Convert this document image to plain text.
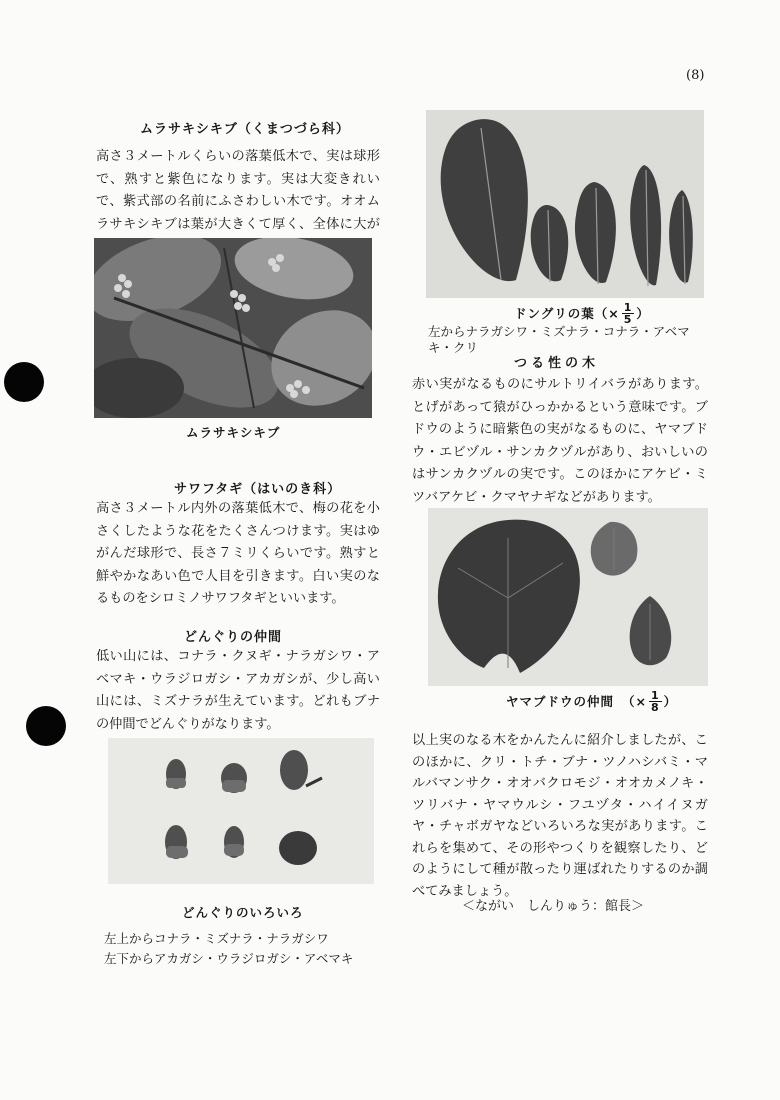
(8)
ムラサキシキブ（くまつづら科）

高さ３メートルくらいの落葉低木で、実は球形で、熟すと紫色になります。実は大変きれいで、紫式部の名前にふさわしい木です。オオムラサキシキブは葉が大きくて厚く、全体に大が

ムラサキシキブ
サワフタギ（はいのき科）

高さ３メートル内外の落葉低木で、梅の花を小さくしたような花をたくさんつけます。実はゆがんだ球形で、長さ７ミリくらいです。熟すと鮮やかなあい色で人目を引きます。白い実のなるものをシロミノサワフタギといいます。

どんぐりの仲間

低い山には、コナラ・クヌギ・ナラガシワ・アベマキ・ウラジロガシ・アカガシが、少し高い山には、ミズナラが生えています。どれもブナの仲間でどんぐりがなります。

どんぐりのいろいろ
左上からコナラ・ミズナラ・ナラガシワ
左下からアカガシ・ウラジロガシ・アベマキ
ドングリの葉（× $\frac{1}{5}$ ）

左からナラガシワ・ミズナラ・コナラ・アベマキ・クリ

つる性の木

赤い実がなるものにサルトリイバラがあります。とげがあって猿がひっかかるという意味です。ブドウのように暗紫色の実がなるものに、ヤマブドウ・エビヅル・サンカクヅルがあり、おいしいのはサンカクヅルの実です。このほかにアケビ・ミツバアケビ・クマヤナギなどがあります。

ヤマブドウの仲間 （× $\frac{1}{8}$ ）

以上実のなる木をかんたんに紹介しましたが、このほかに、クリ・トチ・ブナ・ツノハシバミ・マルバマンサク・オオバクロモジ・オオカメノキ・ツリバナ・ヤマウルシ・フユヅタ・ハイイヌガヤ・チャボガヤなどいろいろな実があります。これらを集めて、その形やつくりを観察したり、どのようにして種が散ったり運ばれたりするのか調べてみましょう。

＜ながい　しんりゅう：館長＞
